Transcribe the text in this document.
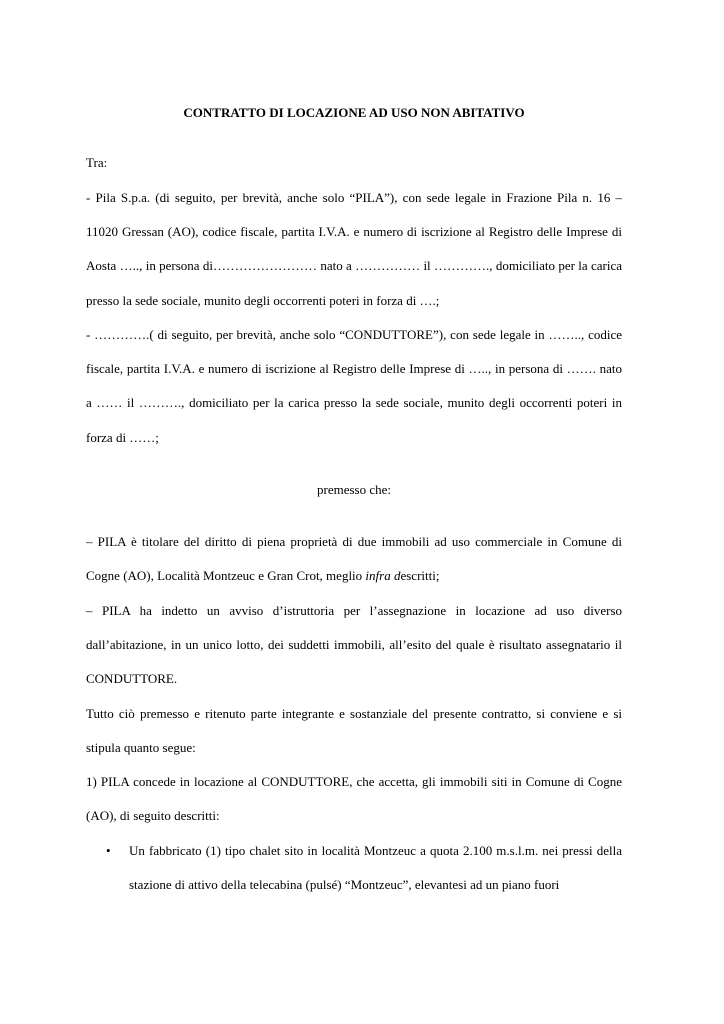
CONTRATTO DI LOCAZIONE AD USO NON ABITATIVO

Tra:

- Pila S.p.a. (di seguito, per brevità, anche solo “PILA”), con sede legale in Frazione Pila n. 16 – 11020 Gressan (AO), codice fiscale, partita I.V.A. e numero di iscrizione al Registro delle Imprese di Aosta ….., in persona di…………………… nato a …………… il …………., domiciliato per la carica presso la sede sociale, munito degli occorrenti poteri in forza di ….;

- ………….( di seguito, per brevità, anche solo “CONDUTTORE”), con sede legale in …….., codice fiscale, partita I.V.A. e numero di iscrizione al Registro delle Imprese di ….., in persona di ……. nato a …… il ………., domiciliato per la carica presso la sede sociale, munito degli occorrenti poteri in forza di ……;

premesso che:

– PILA è titolare del diritto di piena proprietà di due immobili ad uso commerciale in Comune di Cogne (AO), Località Montzeuc e Gran Crot, meglio infra descritti;

– PILA ha indetto un avviso d’istruttoria per l’assegnazione in locazione ad uso diverso dall’abitazione, in un unico lotto, dei suddetti immobili, all’esito del quale è risultato assegnatario il CONDUTTORE.

Tutto ciò premesso e ritenuto parte integrante e sostanziale del presente contratto, si conviene e si stipula quanto segue:

1) PILA concede in locazione al CONDUTTORE, che accetta, gli immobili siti in Comune di Cogne (AO), di seguito descritti:

• Un fabbricato (1) tipo chalet sito in località Montzeuc a quota 2.100 m.s.l.m. nei pressi della stazione di attivo della telecabina (pulsé) “Montzeuc”, elevantesi ad un piano fuori
